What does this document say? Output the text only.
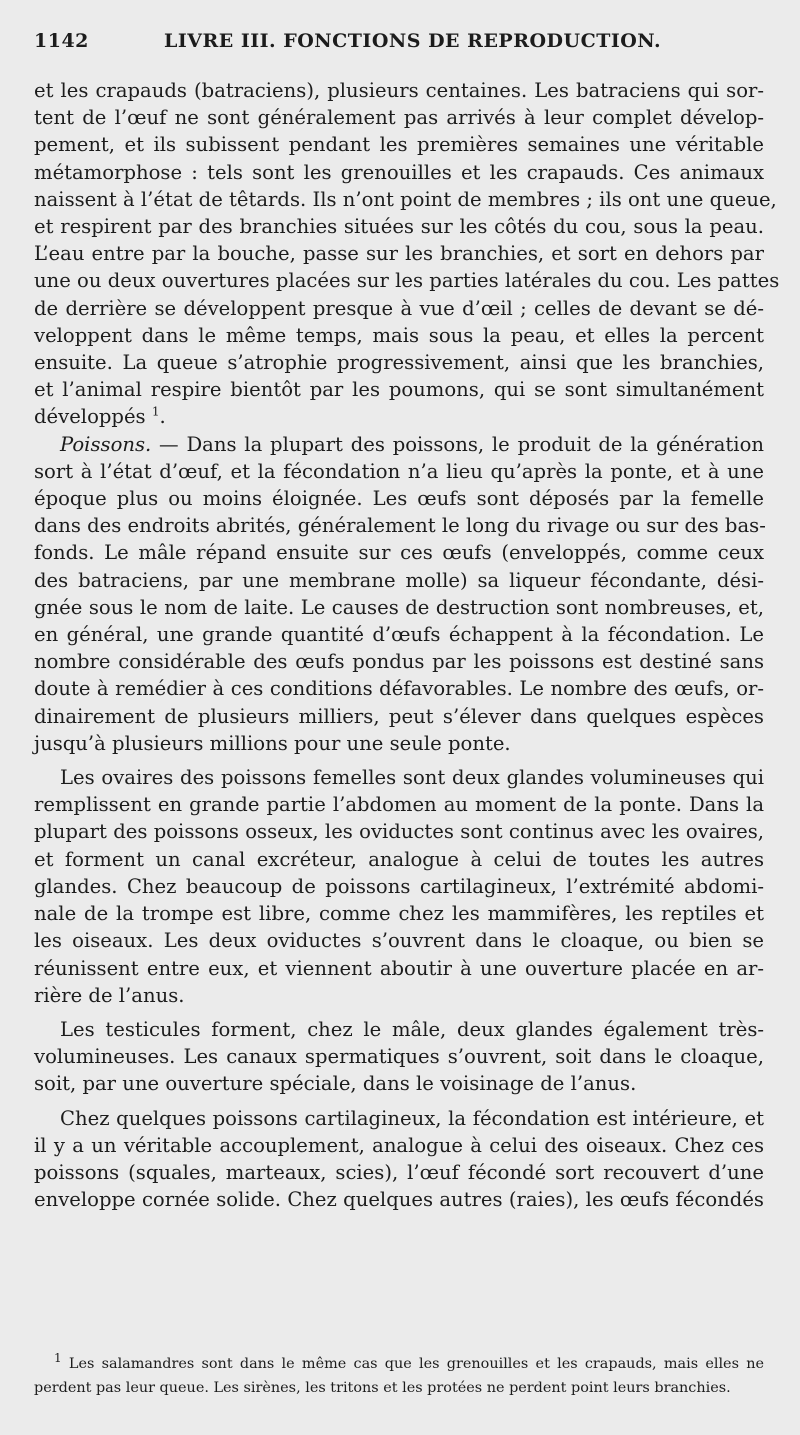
1142	LIVRE III. FONCTIONS DE REPRODUCTION.
et les crapauds (batraciens), plusieurs centaines. Les batraciens qui sor-
tent de l’œuf ne sont généralement pas arrivés à leur complet dévelop-
pement, et ils subissent pendant les premières semaines une véritable
métamorphose : tels sont les grenouilles et les crapauds. Ces animaux
naissent à l’état de têtards. Ils n’ont point de membres ; ils ont une queue,
et respirent par des branchies situées sur les côtés du cou, sous la peau.
L’eau entre par la bouche, passe sur les branchies, et sort en dehors par
une ou deux ouvertures placées sur les parties latérales du cou. Les pattes
de derrière se développent presque à vue d’œil ; celles de devant se dé-
veloppent dans le même temps, mais sous la peau, et elles la percent
ensuite. La queue s’atrophie progressivement, ainsi que les branchies,
et l’animal respire bientôt par les poumons, qui se sont simultanément
développés $^1$.
Poissons. — Dans la plupart des poissons, le produit de la génération
sort à l’état d’œuf, et la fécondation n’a lieu qu’après la ponte, et à une
époque plus ou moins éloignée. Les œufs sont déposés par la femelle
dans des endroits abrités, généralement le long du rivage ou sur des bas-
fonds. Le mâle répand ensuite sur ces œufs (enveloppés, comme ceux
des batraciens, par une membrane molle) sa liqueur fécondante, dési-
gnée sous le nom de laite. Le causes de destruction sont nombreuses, et,
en général, une grande quantité d’œufs échappent à la fécondation. Le
nombre considérable des œufs pondus par les poissons est destiné sans
doute à remédier à ces conditions défavorables. Le nombre des œufs, or-
dinairement de plusieurs milliers, peut s’élever dans quelques espèces
jusqu’à plusieurs millions pour une seule ponte.
Les ovaires des poissons femelles sont deux glandes volumineuses qui
remplissent en grande partie l’abdomen au moment de la ponte. Dans la
plupart des poissons osseux, les oviductes sont continus avec les ovaires,
et forment un canal excréteur, analogue à celui de toutes les autres
glandes. Chez beaucoup de poissons cartilagineux, l’extrémité abdomi-
nale de la trompe est libre, comme chez les mammifères, les reptiles et
les oiseaux. Les deux oviductes s’ouvrent dans le cloaque, ou bien se
réunissent entre eux, et viennent aboutir à une ouverture placée en ar-
rière de l’anus.
Les testicules forment, chez le mâle, deux glandes également très-
volumineuses. Les canaux spermatiques s’ouvrent, soit dans le cloaque,
soit, par une ouverture spéciale, dans le voisinage de l’anus.
Chez quelques poissons cartilagineux, la fécondation est intérieure, et
il y a un véritable accouplement, analogue à celui des oiseaux. Chez ces
poissons (squales, marteaux, scies), l’œuf fécondé sort recouvert d’une
enveloppe cornée solide. Chez quelques autres (raies), les œufs fécondés
$^1$ Les salamandres sont dans le même cas que les grenouilles et les crapauds, mais elles ne
perdent pas leur queue. Les sirènes, les tritons et les protées ne perdent point leurs branchies.
